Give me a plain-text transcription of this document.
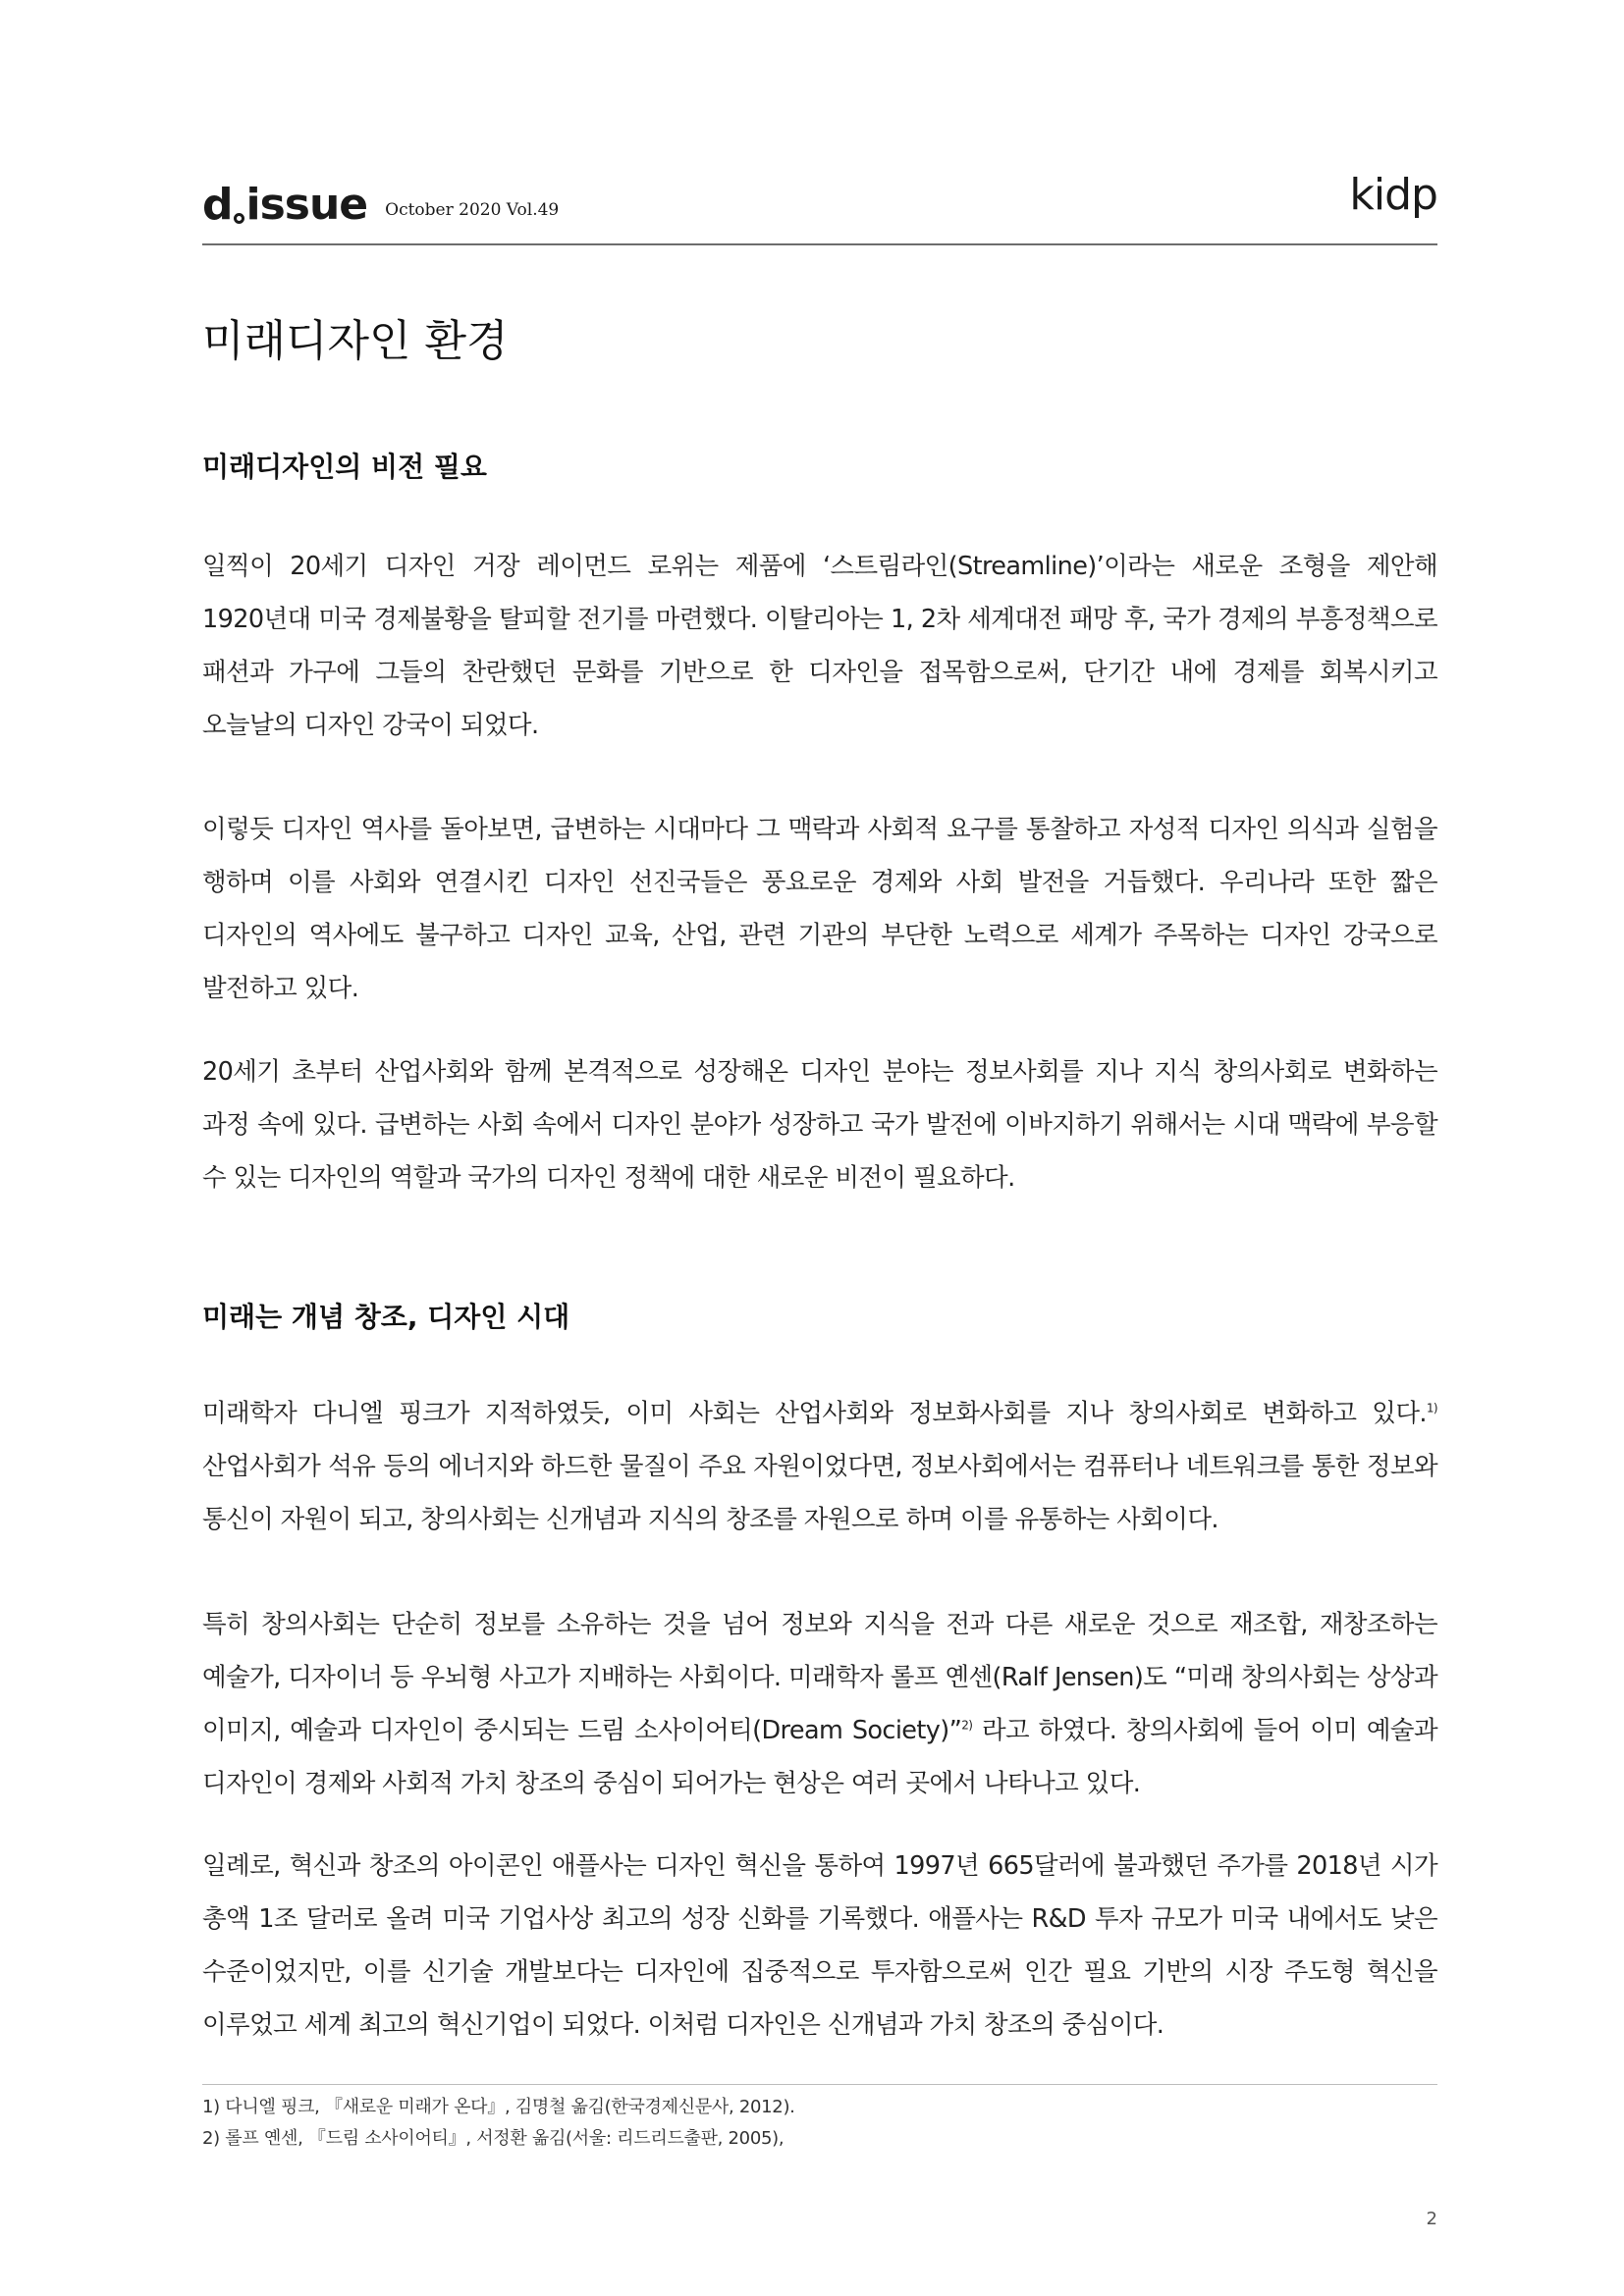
d issue October 2020 Vol.49	kidp
미래디자인 환경
미래디자인의 비전 필요

일찍이 20세기 디자인 거장 레이먼드 로위는 제품에 ‘스트림라인(Streamline)’이라는 새로운 조형을 제안해 1920년대 미국 경제불황을 탈피할 전기를 마련했다. 이탈리아는 1, 2차 세계대전 패망 후, 국가 경제의 부흥정책으로 패션과 가구에 그들의 찬란했던 문화를 기반으로 한 디자인을 접목함으로써, 단기간 내에 경제를 회복시키고 오늘날의 디자인 강국이 되었다.

이렇듯 디자인 역사를 돌아보면, 급변하는 시대마다 그 맥락과 사회적 요구를 통찰하고 자성적 디자인 의식과 실험을 행하며 이를 사회와 연결시킨 디자인 선진국들은 풍요로운 경제와 사회 발전을 거듭했다. 우리나라 또한 짧은 디자인의 역사에도 불구하고 디자인 교육, 산업, 관련 기관의 부단한 노력으로 세계가 주목하는 디자인 강국으로 발전하고 있다.

20세기 초부터 산업사회와 함께 본격적으로 성장해온 디자인 분야는 정보사회를 지나 지식 창의사회로 변화하는 과정 속에 있다. 급변하는 사회 속에서 디자인 분야가 성장하고 국가 발전에 이바지하기 위해서는 시대 맥락에 부응할 수 있는 디자인의 역할과 국가의 디자인 정책에 대한 새로운 비전이 필요하다.

미래는 개념 창조, 디자인 시대

미래학자 다니엘 핑크가 지적하였듯, 이미 사회는 산업사회와 정보화사회를 지나 창의사회로 변화하고 있다.$^{1)}$ 산업사회가 석유 등의 에너지와 하드한 물질이 주요 자원이었다면, 정보사회에서는 컴퓨터나 네트워크를 통한 정보와 통신이 자원이 되고, 창의사회는 신개념과 지식의 창조를 자원으로 하며 이를 유통하는 사회이다.

특히 창의사회는 단순히 정보를 소유하는 것을 넘어 정보와 지식을 전과 다른 새로운 것으로 재조합, 재창조하는 예술가, 디자이너 등 우뇌형 사고가 지배하는 사회이다. 미래학자 롤프 옌센(Ralf Jensen)도 “미래 창의사회는 상상과 이미지, 예술과 디자인이 중시되는 드림 소사이어티(Dream Society)”$^{2)}$ 라고 하였다. 창의사회에 들어 이미 예술과 디자인이 경제와 사회적 가치 창조의 중심이 되어가는 현상은 여러 곳에서 나타나고 있다.

일례로, 혁신과 창조의 아이콘인 애플사는 디자인 혁신을 통하여 1997년 665달러에 불과했던 주가를 2018년 시가 총액 1조 달러로 올려 미국 기업사상 최고의 성장 신화를 기록했다. 애플사는 R&D 투자 규모가 미국 내에서도 낮은 수준이었지만, 이를 신기술 개발보다는 디자인에 집중적으로 투자함으로써 인간 필요 기반의 시장 주도형 혁신을 이루었고 세계 최고의 혁신기업이 되었다. 이처럼 디자인은 신개념과 가치 창조의 중심이다.

1) 다니엘 핑크, 『새로운 미래가 온다』, 김명철 옮김(한국경제신문사, 2012).

2) 롤프 옌센, 『드림 소사이어티』, 서정환 옮김(서울: 리드리드출판, 2005),

2
